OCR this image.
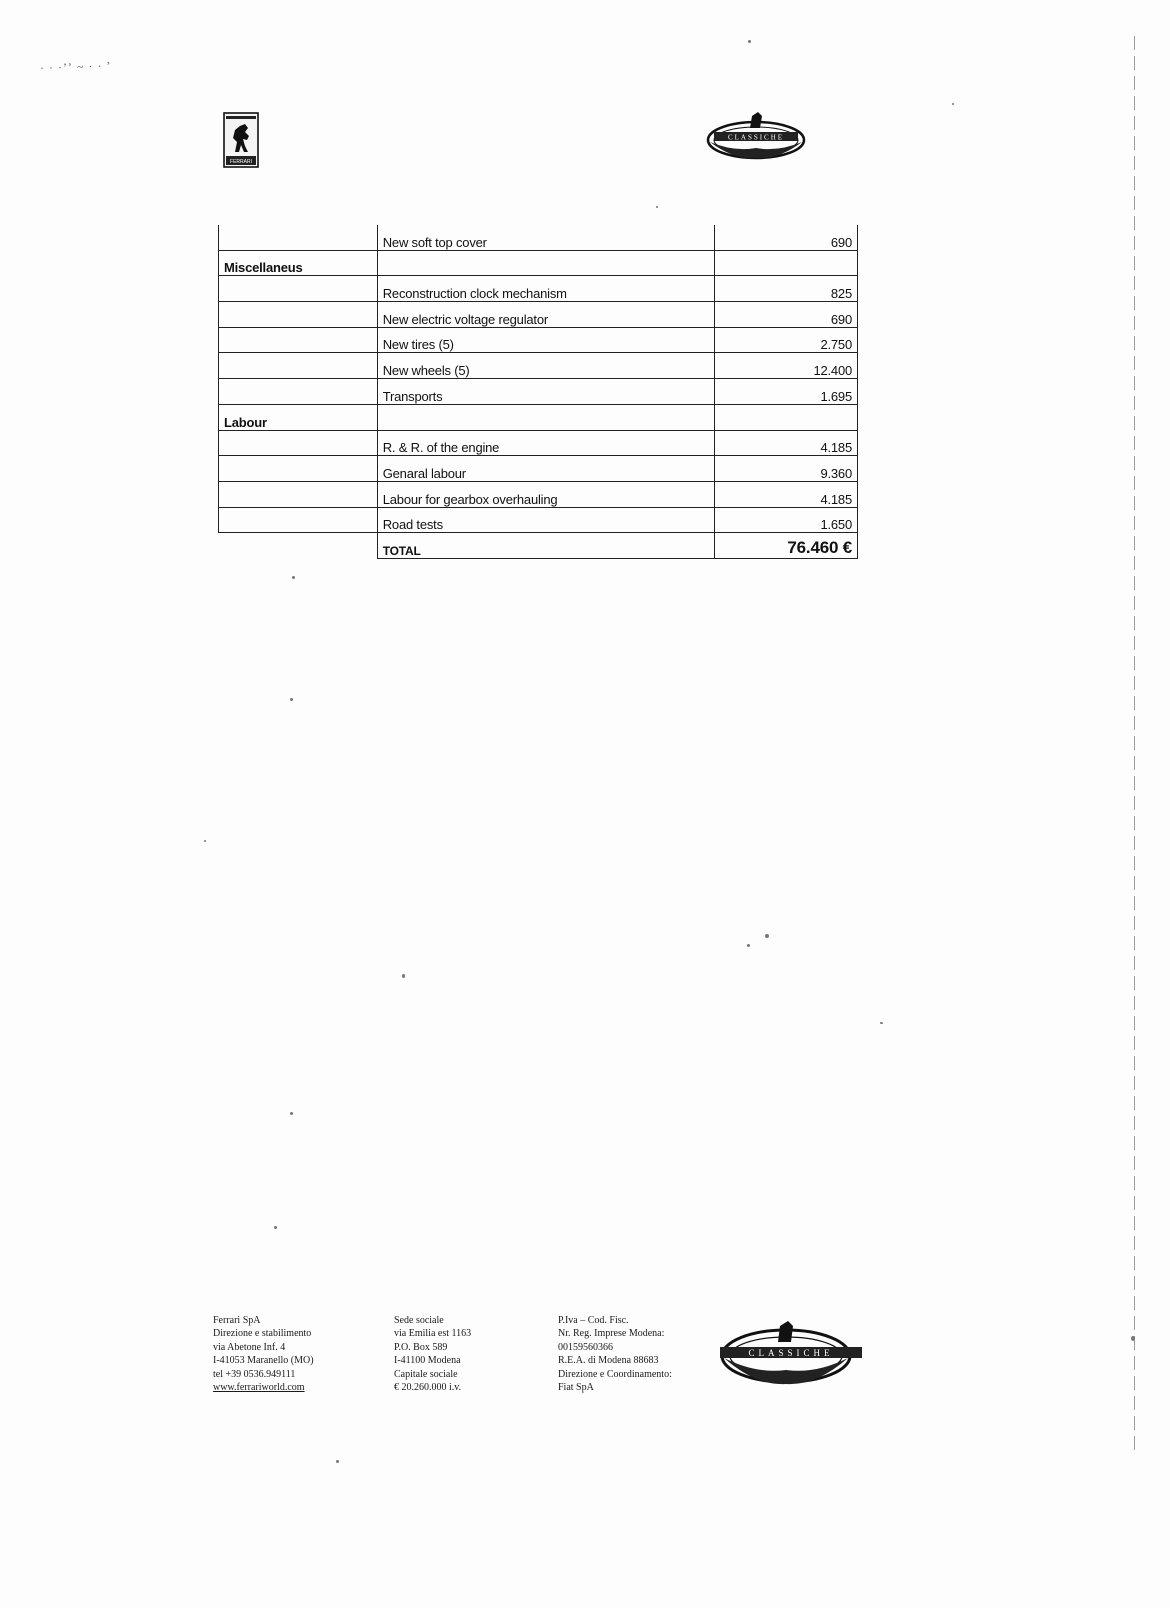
· · ·ʼʼ ~ · · ʼ
FERRARI
CLASSICHE
	New soft top cover	690
Miscellaneus		
	Reconstruction clock mechanism	825
	New electric voltage regulator	690
	New tires (5)	2.750
	New wheels (5)	12.400
	Transports	1.695
Labour		
	R. & R. of the engine	4.185
	Genaral labour	9.360
	Labour for gearbox overhauling	4.185
	Road tests	1.650
	TOTAL	76.460 €
Ferrari SpA
Direzione e stabilimento
via Abetone Inf. 4
I-41053 Maranello (MO)
tel +39 0536.949111
www.ferrariworld.com
Sede sociale
via Emilia est 1163
P.O. Box 589
I-41100 Modena
Capitale sociale
€ 20.260.000 i.v.
P.Iva – Cod. Fisc.
Nr. Reg. Imprese Modena:
00159560366
R.E.A. di Modena 88683
Direzione e Coordinamento:
Fiat SpA
CLASSICHE
